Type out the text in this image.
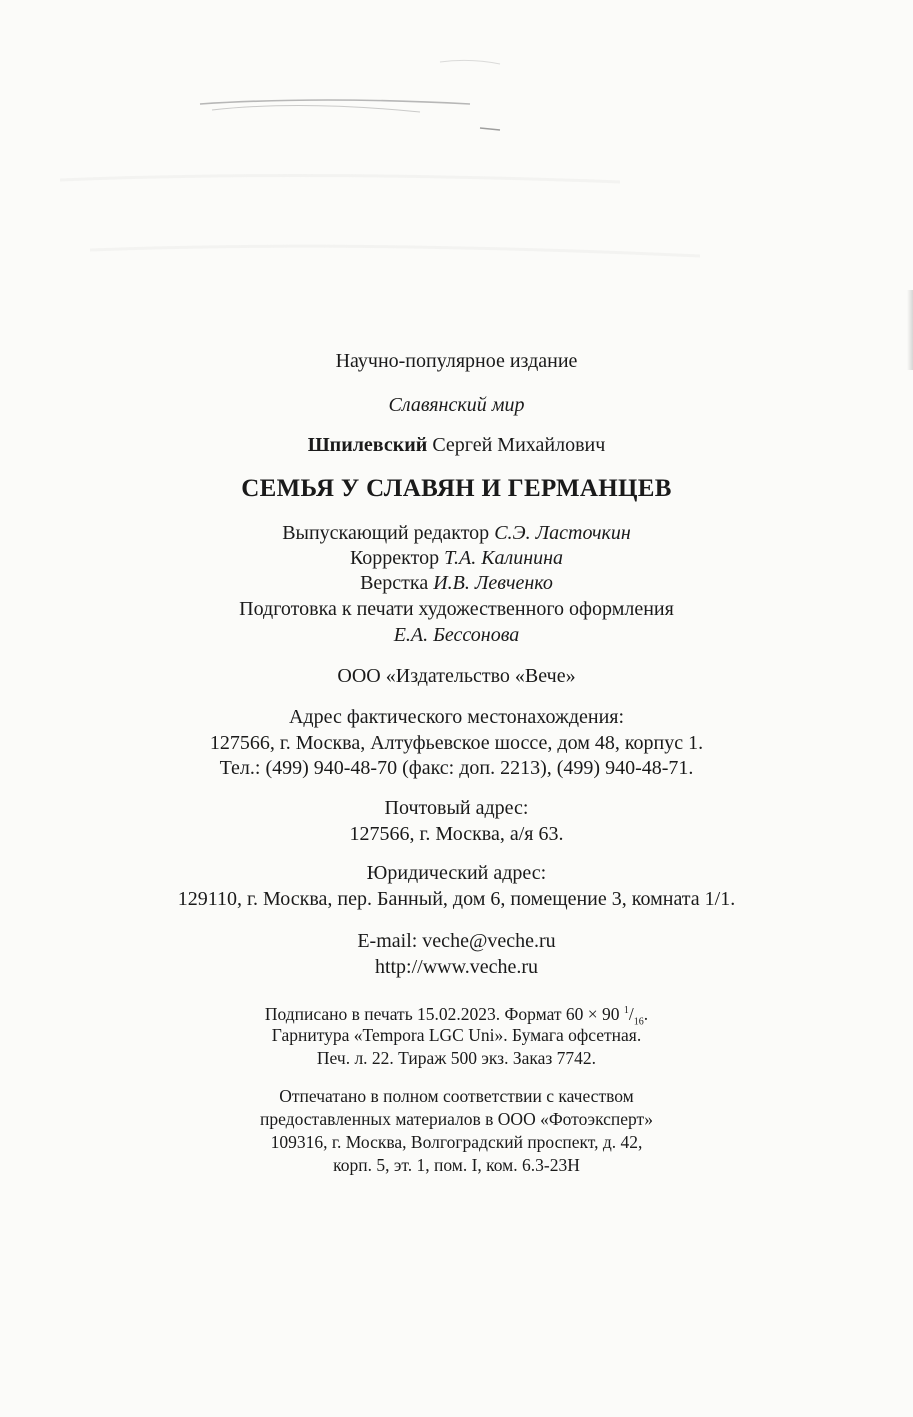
Научно-популярное издание
Славянский мир
Шпилевский Сергей Михайлович
СЕМЬЯ У СЛАВЯН И ГЕРМАНЦЕВ
Выпускающий редактор С.Э. Ласточкин
Корректор Т.А. Калинина
Верстка И.В. Левченко
Подготовка к печати художественного оформления
Е.А. Бессонова
ООО «Издательство «Вече»
Адрес фактического местонахождения:
127566, г. Москва, Алтуфьевское шоссе, дом 48, корпус 1.
Тел.: (499) 940-48-70 (факс: доп. 2213), (499) 940-48-71.
Почтовый адрес:
127566, г. Москва, а/я 63.
Юридический адрес:
129110, г. Москва, пер. Банный, дом 6, помещение 3, комната 1/1.
E-mail: veche@veche.ru
http://www.veche.ru
Подписано в печать 15.02.2023. Формат 60 × 90 $^1/_{16}$.
Гарнитура «Tempora LGC Uni». Бумага офсетная.
Печ. л. 22. Тираж 500 экз. Заказ 7742.
Отпечатано в полном соответствии с качеством
предоставленных материалов в ООО «Фотоэксперт»
109316, г. Москва, Волгоградский проспект, д. 42,
корп. 5, эт. 1, пом. I, ком. 6.3-23Н
